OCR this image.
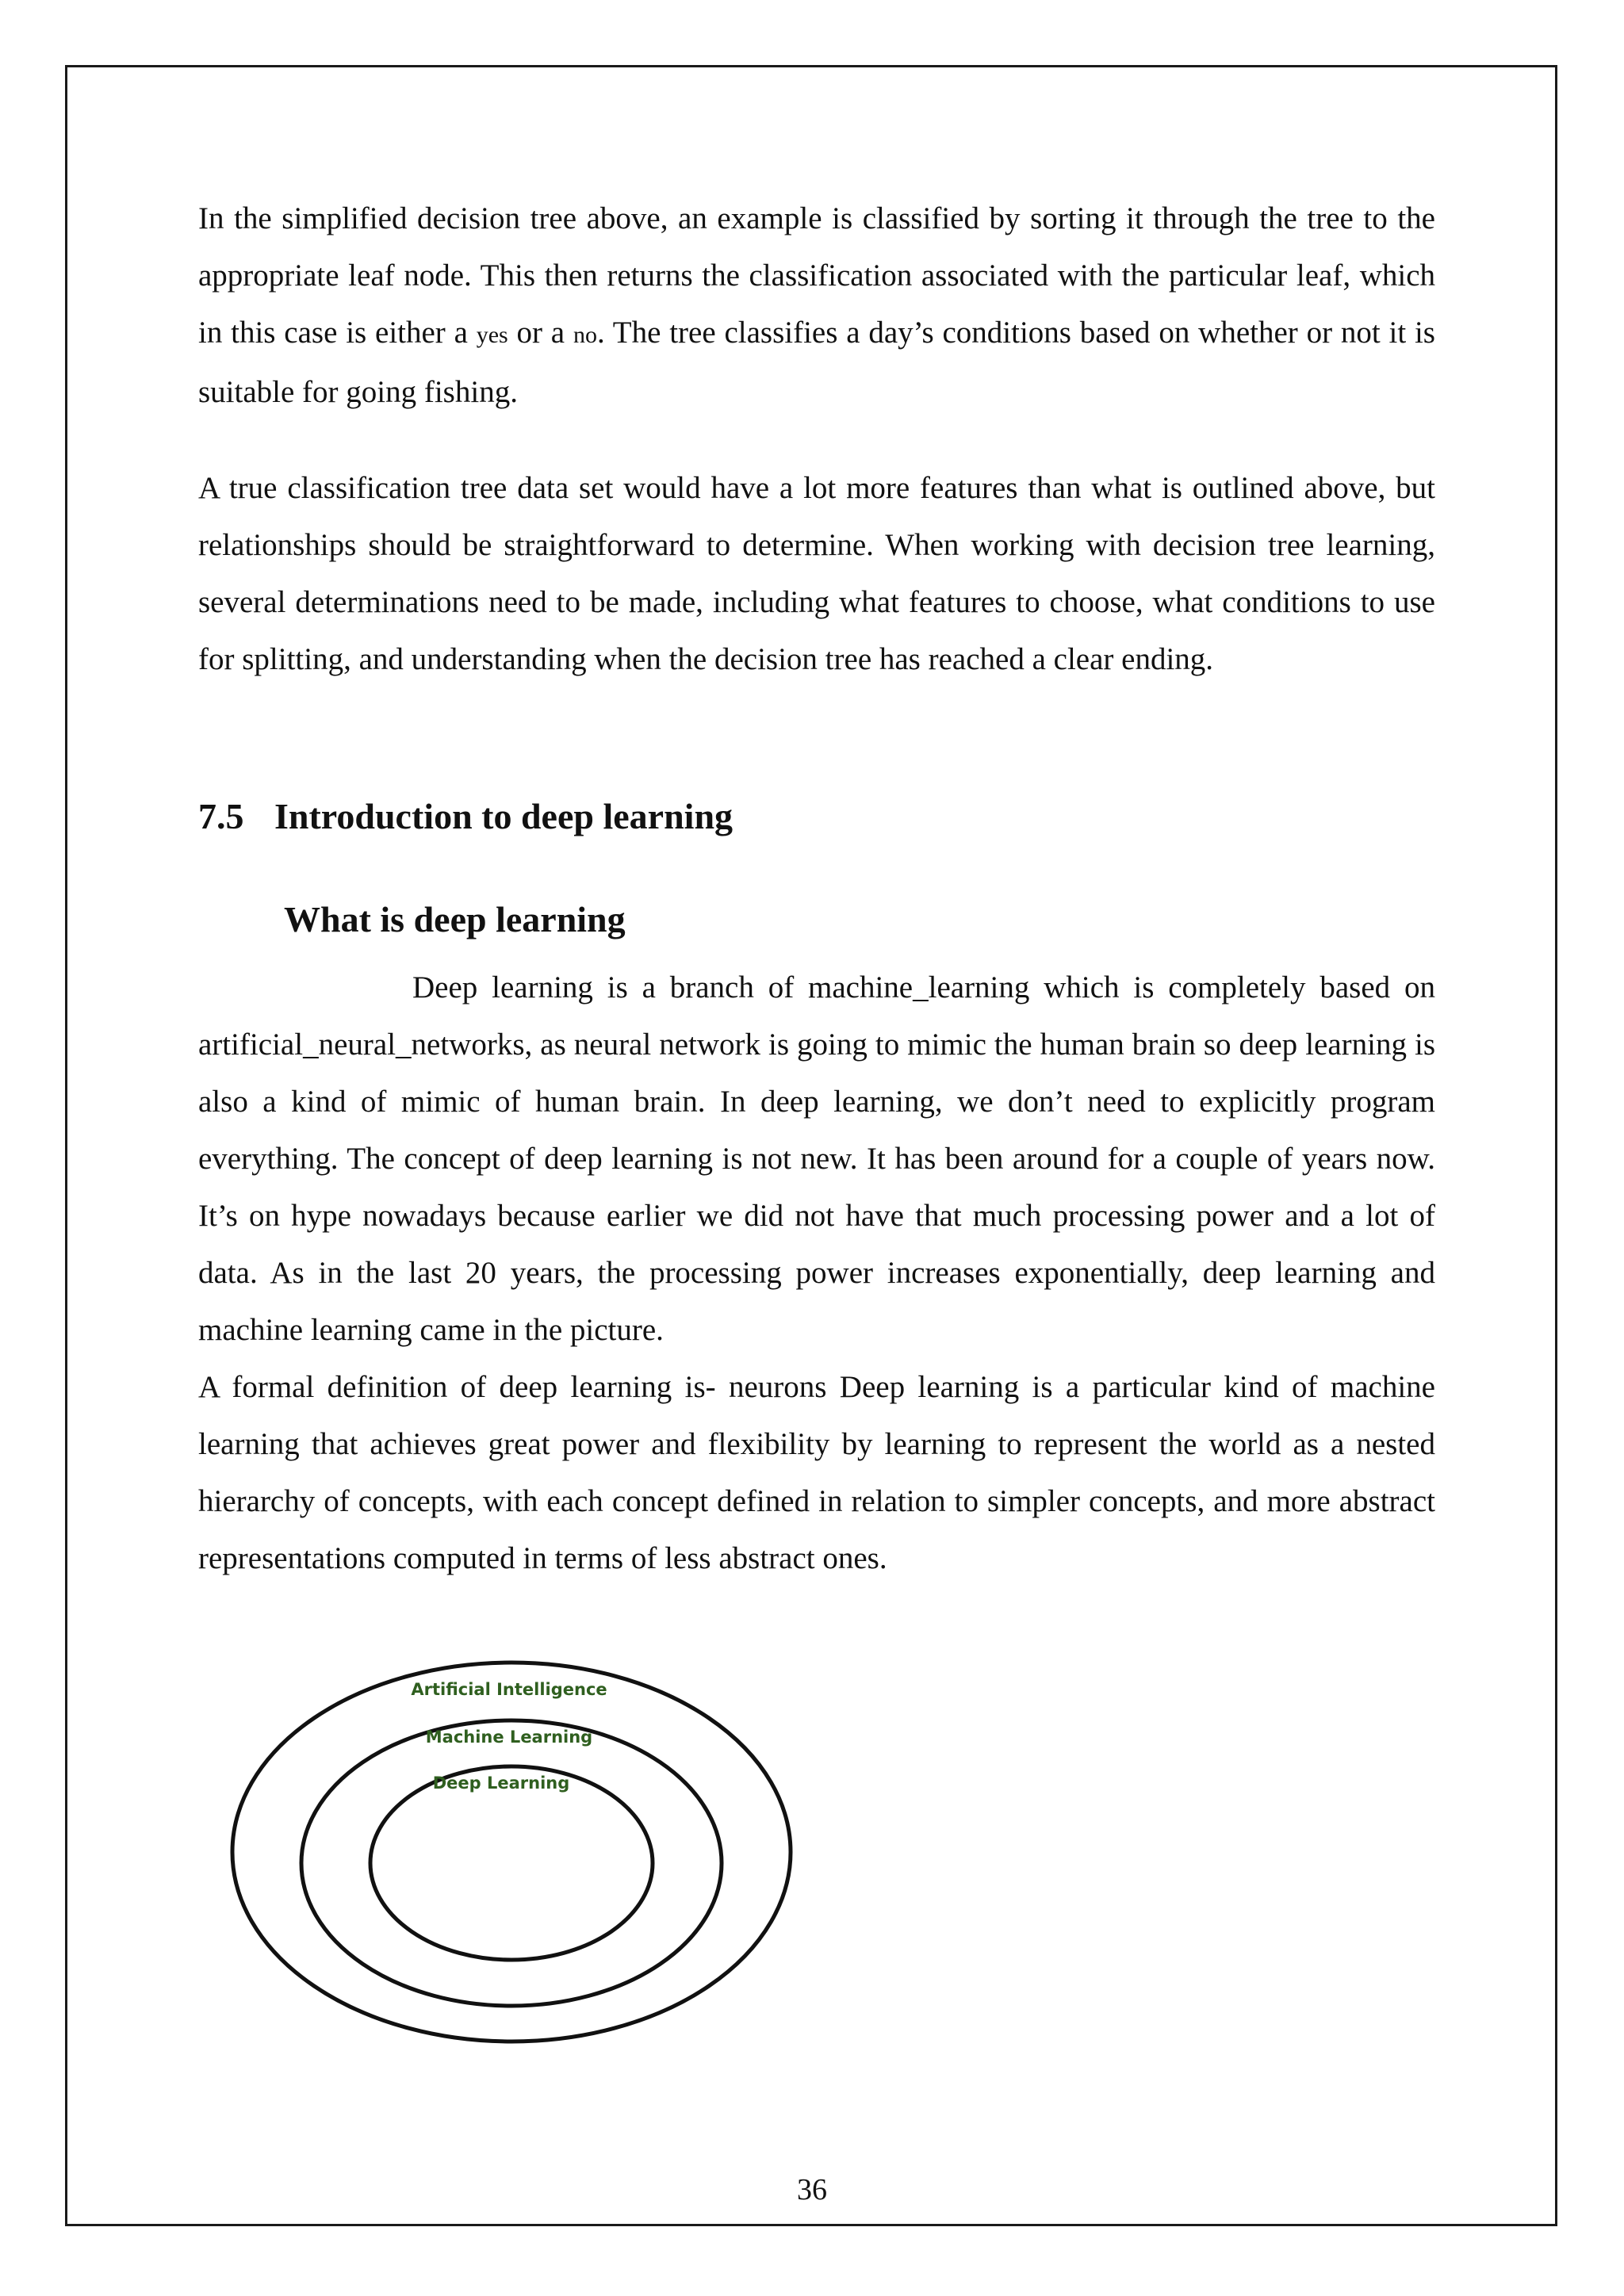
In the simplified decision tree above, an example is classified by sorting it through the tree to the appropriate leaf node. This then returns the classification associated with the particular leaf, which in this case is either a yes or a no. The tree classifies a day’s conditions based on whether or not it is suitable for going fishing.

A true classification tree data set would have a lot more features than what is outlined above, but relationships should be straightforward to determine. When working with decision tree learning, several determinations need to be made, including what features to choose, what conditions to use for splitting, and understanding when the decision tree has reached a clear ending.

7.5 Introduction to deep learning
What is deep learning

Deep learning is a branch of machine_learning which is completely based on artificial_neural_networks, as neural network is going to mimic the human brain so deep learning is also a kind of mimic of human brain. In deep learning, we don’t need to explicitly program everything. The concept of deep learning is not new. It has been around for a couple of years now. It’s on hype nowadays because earlier we did not have that much processing power and a lot of data. As in the last 20 years, the processing power increases exponentially, deep learning and machine learning came in the picture.

A formal definition of deep learning is- neurons Deep learning is a particular kind of machine learning that achieves great power and flexibility by learning to represent the world as a nested hierarchy of concepts, with each concept defined in relation to simpler concepts, and more abstract representations computed in terms of less abstract ones.

Artificial Intelligence
Machine Learning
Deep Learning

36
